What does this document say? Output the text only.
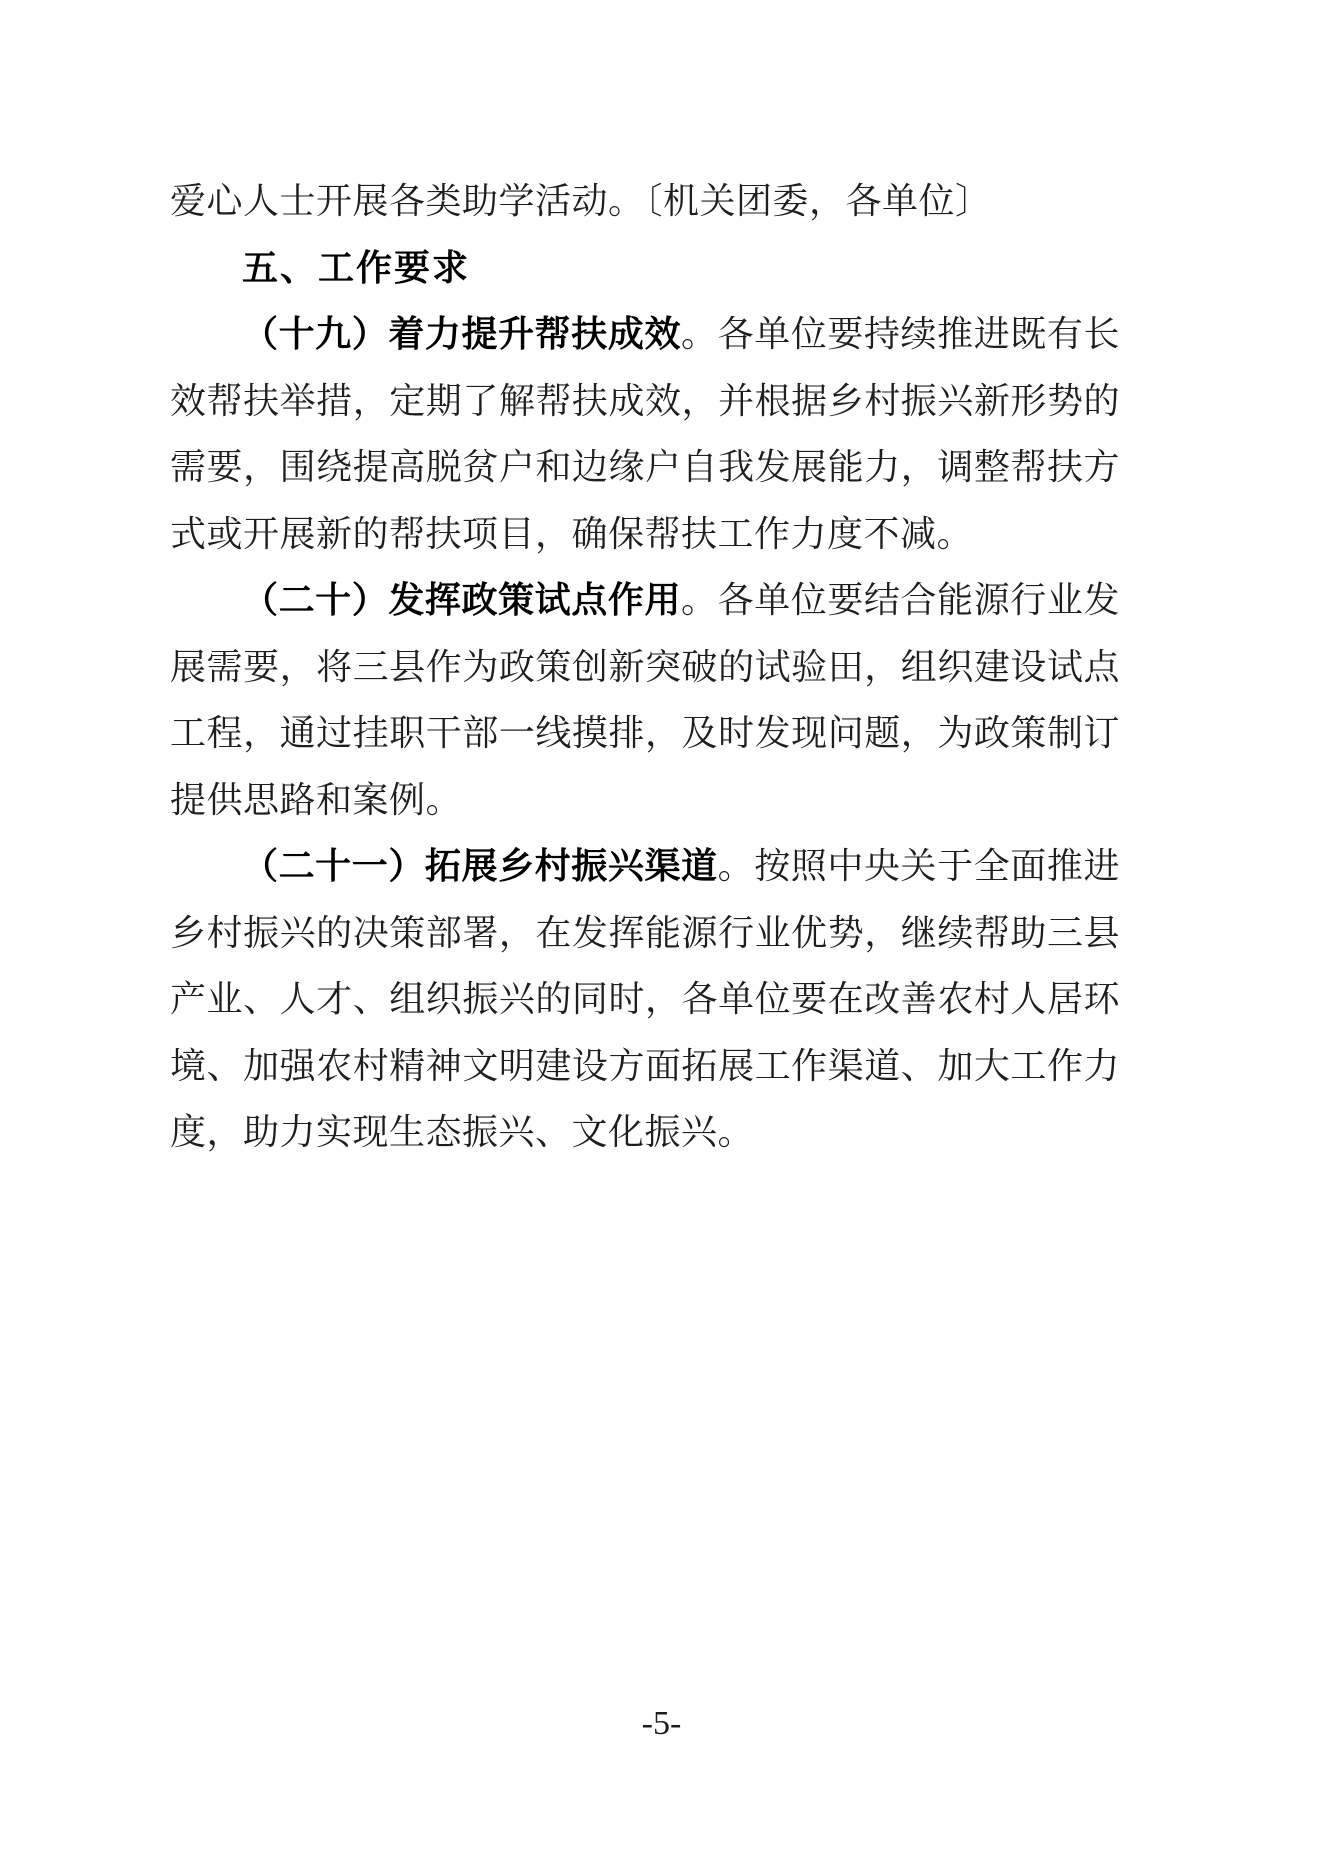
爱心人士开展各类助学活动。〔机关团委，各单位〕
五、工作要求
（十九）着力提升帮扶成效。各单位要持续推进既有长
效帮扶举措，定期了解帮扶成效，并根据乡村振兴新形势的
需要，围绕提高脱贫户和边缘户自我发展能力，调整帮扶方
式或开展新的帮扶项目，确保帮扶工作力度不减。
（二十）发挥政策试点作用。各单位要结合能源行业发
展需要，将三县作为政策创新突破的试验田，组织建设试点
工程，通过挂职干部一线摸排，及时发现问题，为政策制订
提供思路和案例。
（二十一）拓展乡村振兴渠道。按照中央关于全面推进
乡村振兴的决策部署，在发挥能源行业优势，继续帮助三县
产业、人才、组织振兴的同时，各单位要在改善农村人居环
境、加强农村精神文明建设方面拓展工作渠道、加大工作力
度，助力实现生态振兴、文化振兴。
-5-
